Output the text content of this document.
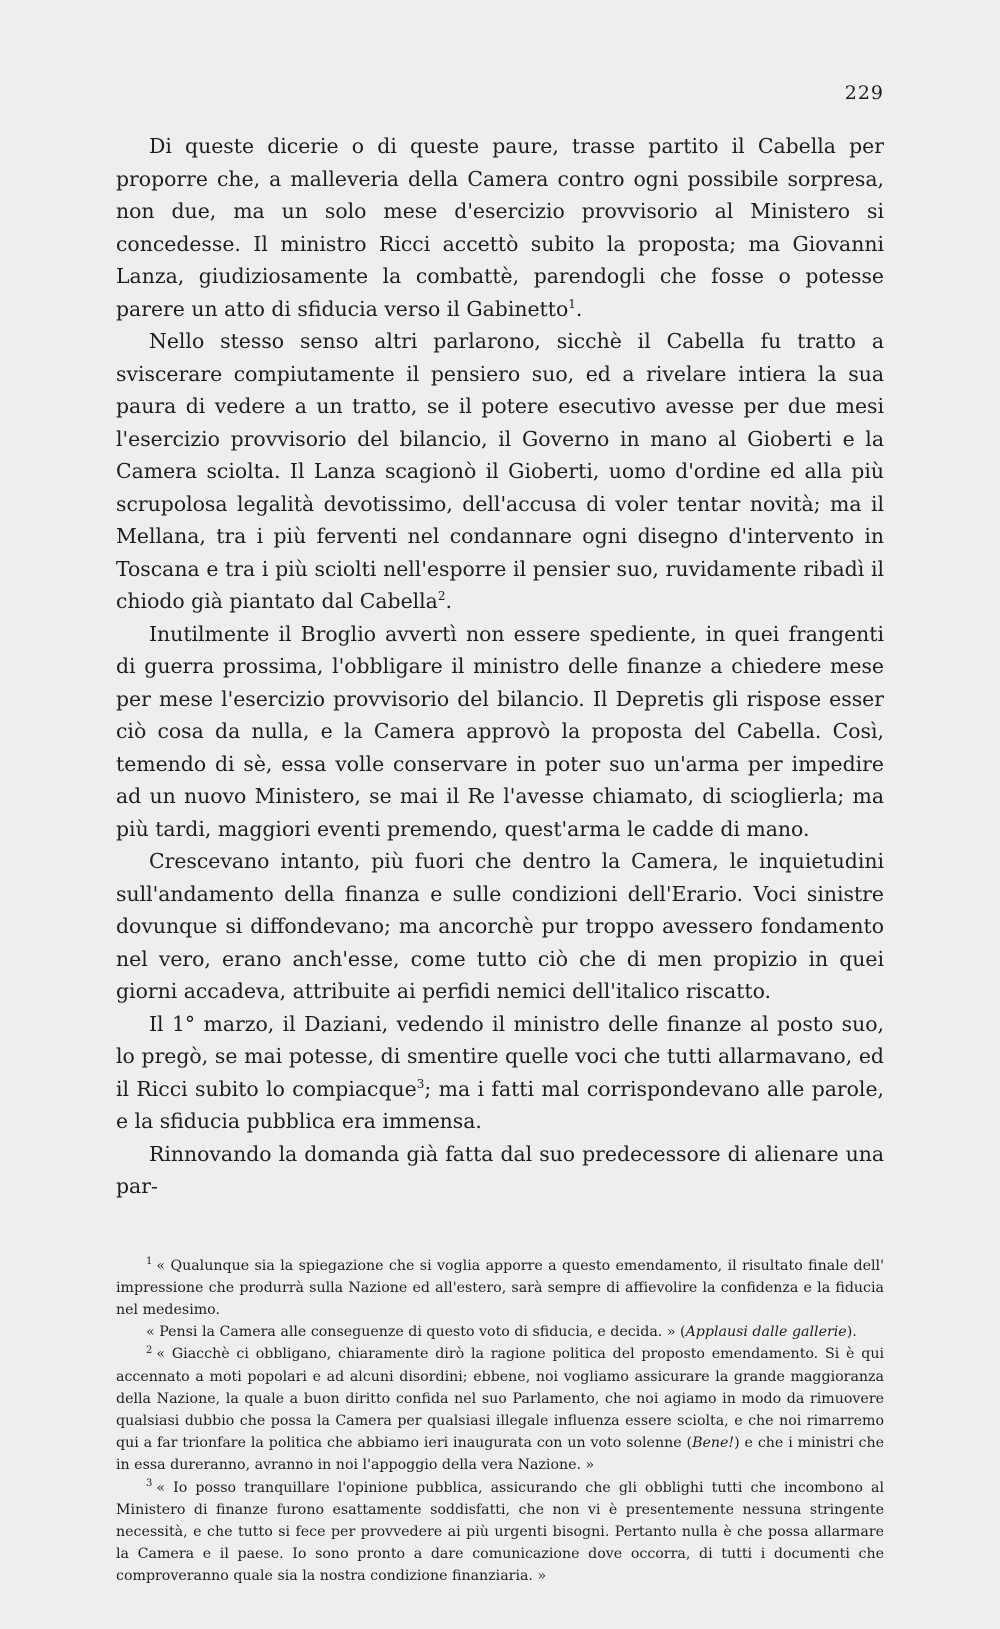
229

Di queste dicerie o di queste paure, trasse partito il Cabella per proporre che, a malleveria della Camera contro ogni possibile sorpresa, non due, ma un solo mese d'esercizio provvisorio al Ministero si concedesse. Il ministro Ricci accettò subito la proposta; ma Giovanni Lanza, giudiziosamente la combattè, parendogli che fosse o potesse parere un atto di sfiducia verso il Gabinetto$^1$.

Nello stesso senso altri parlarono, sicchè il Cabella fu tratto a sviscerare compiutamente il pensiero suo, ed a rivelare intiera la sua paura di vedere a un tratto, se il potere esecutivo avesse per due mesi l'esercizio provvisorio del bilancio, il Governo in mano al Gioberti e la Camera sciolta. Il Lanza scagionò il Gioberti, uomo d'ordine ed alla più scrupolosa legalità devotissimo, dell'accusa di voler tentar novità; ma il Mellana, tra i più ferventi nel condannare ogni disegno d'intervento in Toscana e tra i più sciolti nell'esporre il pensier suo, ruvidamente ribadì il chiodo già piantato dal Cabella$^2$.

Inutilmente il Broglio avvertì non essere spediente, in quei frangenti di guerra prossima, l'obbligare il ministro delle finanze a chiedere mese per mese l'esercizio provvisorio del bilancio. Il Depretis gli rispose esser ciò cosa da nulla, e la Camera approvò la proposta del Cabella. Così, temendo di sè, essa volle conservare in poter suo un'arma per impedire ad un nuovo Ministero, se mai il Re l'avesse chiamato, di scioglierla; ma più tardi, maggiori eventi premendo, quest'arma le cadde di mano.

Crescevano intanto, più fuori che dentro la Camera, le inquietudini sull'andamento della finanza e sulle condizioni dell'Erario. Voci sinistre dovunque si diffondevano; ma ancorchè pur troppo avessero fondamento nel vero, erano anch'esse, come tutto ciò che di men propizio in quei giorni accadeva, attribuite ai perfidi nemici dell'italico riscatto.

Il 1° marzo, il Daziani, vedendo il ministro delle finanze al posto suo, lo pregò, se mai potesse, di smentire quelle voci che tutti allarmavano, ed il Ricci subito lo compiacque$^3$; ma i fatti mal corrispondevano alle parole, e la sfiducia pubblica era immensa.

Rinnovando la domanda già fatta dal suo predecessore di alienare una par-

$^1$ « Qualunque sia la spiegazione che si voglia apporre a questo emendamento, il risultato finale dell' impressione che produrrà sulla Nazione ed all'estero, sarà sempre di affievolire la confidenza e la fiducia nel medesimo.

« Pensi la Camera alle conseguenze di questo voto di sfiducia, e decida. » (Applausi dalle gallerie).

$^2$ « Giacchè ci obbligano, chiaramente dirò la ragione politica del proposto emendamento. Si è qui accennato a moti popolari e ad alcuni disordini; ebbene, noi vogliamo assicurare la grande maggioranza della Nazione, la quale a buon diritto confida nel suo Parlamento, che noi agiamo in modo da rimuovere qualsiasi dubbio che possa la Camera per qualsiasi illegale influenza essere sciolta, e che noi rimarremo qui a far trionfare la politica che abbiamo ieri inaugurata con un voto solenne (Bene!) e che i ministri che in essa dureranno, avranno in noi l'appoggio della vera Nazione. »

$^3$ « Io posso tranquillare l'opinione pubblica, assicurando che gli obblighi tutti che incombono al Ministero di finanze furono esattamente soddisfatti, che non vi è presentemente nessuna stringente necessità, e che tutto si fece per provvedere ai più urgenti bisogni. Pertanto nulla è che possa allarmare la Camera e il paese. Io sono pronto a dare comunicazione dove occorra, di tutti i documenti che comproveranno quale sia la nostra condizione finanziaria. »
